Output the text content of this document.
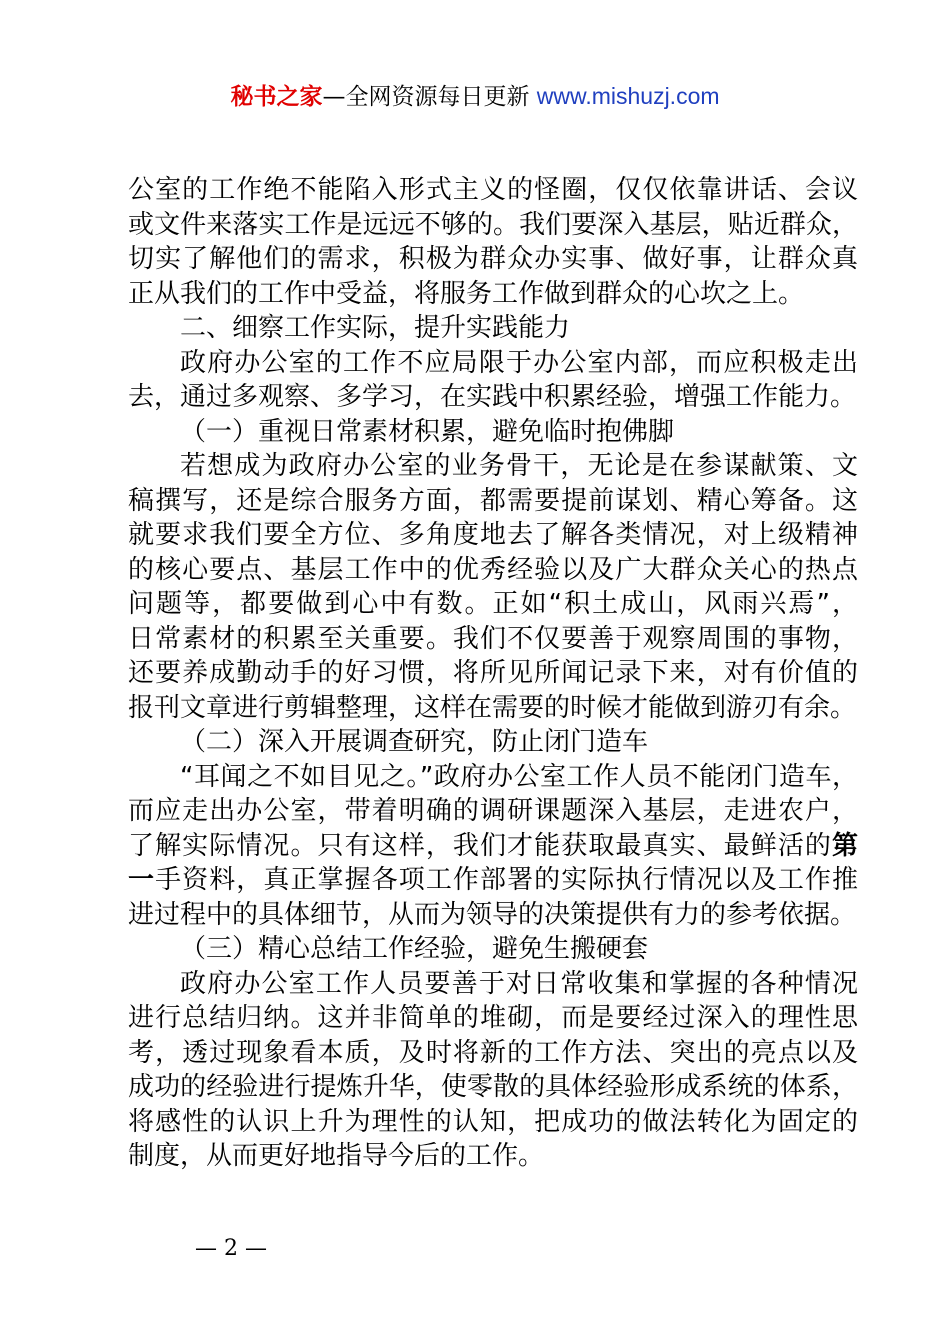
秘书之家—全网资源每日更新 www.mishuzj.com
公室的工作绝不能陷入形式主义的怪圈，仅仅依靠讲话、会议
或文件来落实工作是远远不够的。我们要深入基层，贴近群众，
切实了解他们的需求，积极为群众办实事、做好事，让群众真
正从我们的工作中受益，将服务工作做到群众的心坎之上。
二、细察工作实际，提升实践能力
政府办公室的工作不应局限于办公室内部，而应积极走出
去，通过多观察、多学习，在实践中积累经验，增强工作能力。
（一）重视日常素材积累，避免临时抱佛脚
若想成为政府办公室的业务骨干，无论是在参谋献策、文
稿撰写，还是综合服务方面，都需要提前谋划、精心筹备。这
就要求我们要全方位、多角度地去了解各类情况，对上级精神
的核心要点、基层工作中的优秀经验以及广大群众关心的热点
问题等，都要做到心中有数。正如“积土成山，风雨兴焉”，
日常素材的积累至关重要。我们不仅要善于观察周围的事物，
还要养成勤动手的好习惯，将所见所闻记录下来，对有价值的
报刊文章进行剪辑整理，这样在需要的时候才能做到游刃有余。
（二）深入开展调查研究，防止闭门造车
“耳闻之不如目见之。”政府办公室工作人员不能闭门造车，
而应走出办公室，带着明确的调研课题深入基层，走进农户，
了解实际情况。只有这样，我们才能获取最真实、最鲜活的第
一手资料，真正掌握各项工作部署的实际执行情况以及工作推
进过程中的具体细节，从而为领导的决策提供有力的参考依据。
（三）精心总结工作经验，避免生搬硬套
政府办公室工作人员要善于对日常收集和掌握的各种情况
进行总结归纳。这并非简单的堆砌，而是要经过深入的理性思
考，透过现象看本质，及时将新的工作方法、突出的亮点以及
成功的经验进行提炼升华，使零散的具体经验形成系统的体系，
将感性的认识上升为理性的认知，把成功的做法转化为固定的
制度，从而更好地指导今后的工作。
— 2 —
